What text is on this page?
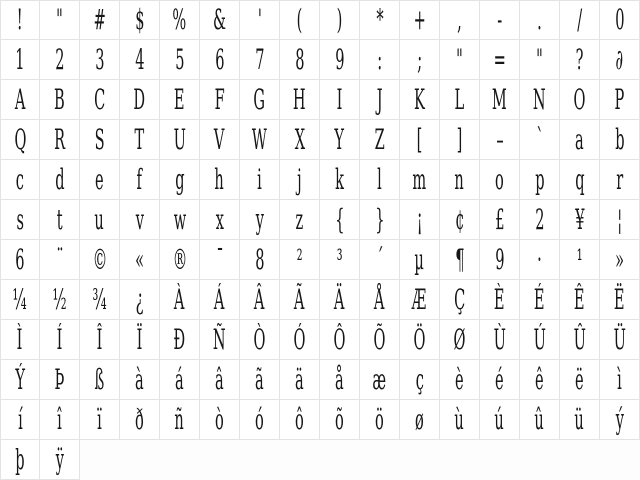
! " # $ % & ' ( ) * + , - . / 0
1 2 3 4 5 6 7 8 9 : ; " = " ? ∂
A B C D E F G H I J K L M N O P
Q R S T U V W X Y Z [ ] – ` a b
c d e f g h i j k l m n o p q r
s t u v w x y z { } ¡ ¢ £ 2 ¥ ¦
6 ¨ © « ® ¯ 8 ² ³ ´ µ ¶ 9 · ¹ »
¼ ½ ¾ ¿ À Á Â Ã Ä Å Æ Ç È É Ê Ë
Ì Í Î Ï Ð Ñ Ò Ó Ô Õ Ö Ø Ù Ú Û Ü
Ý Þ ß à á â ã ä å æ ç è é ê ë ì
í î ï ð ñ ò ó ô õ ö ø ù ú û ü ý
þ ÿ
